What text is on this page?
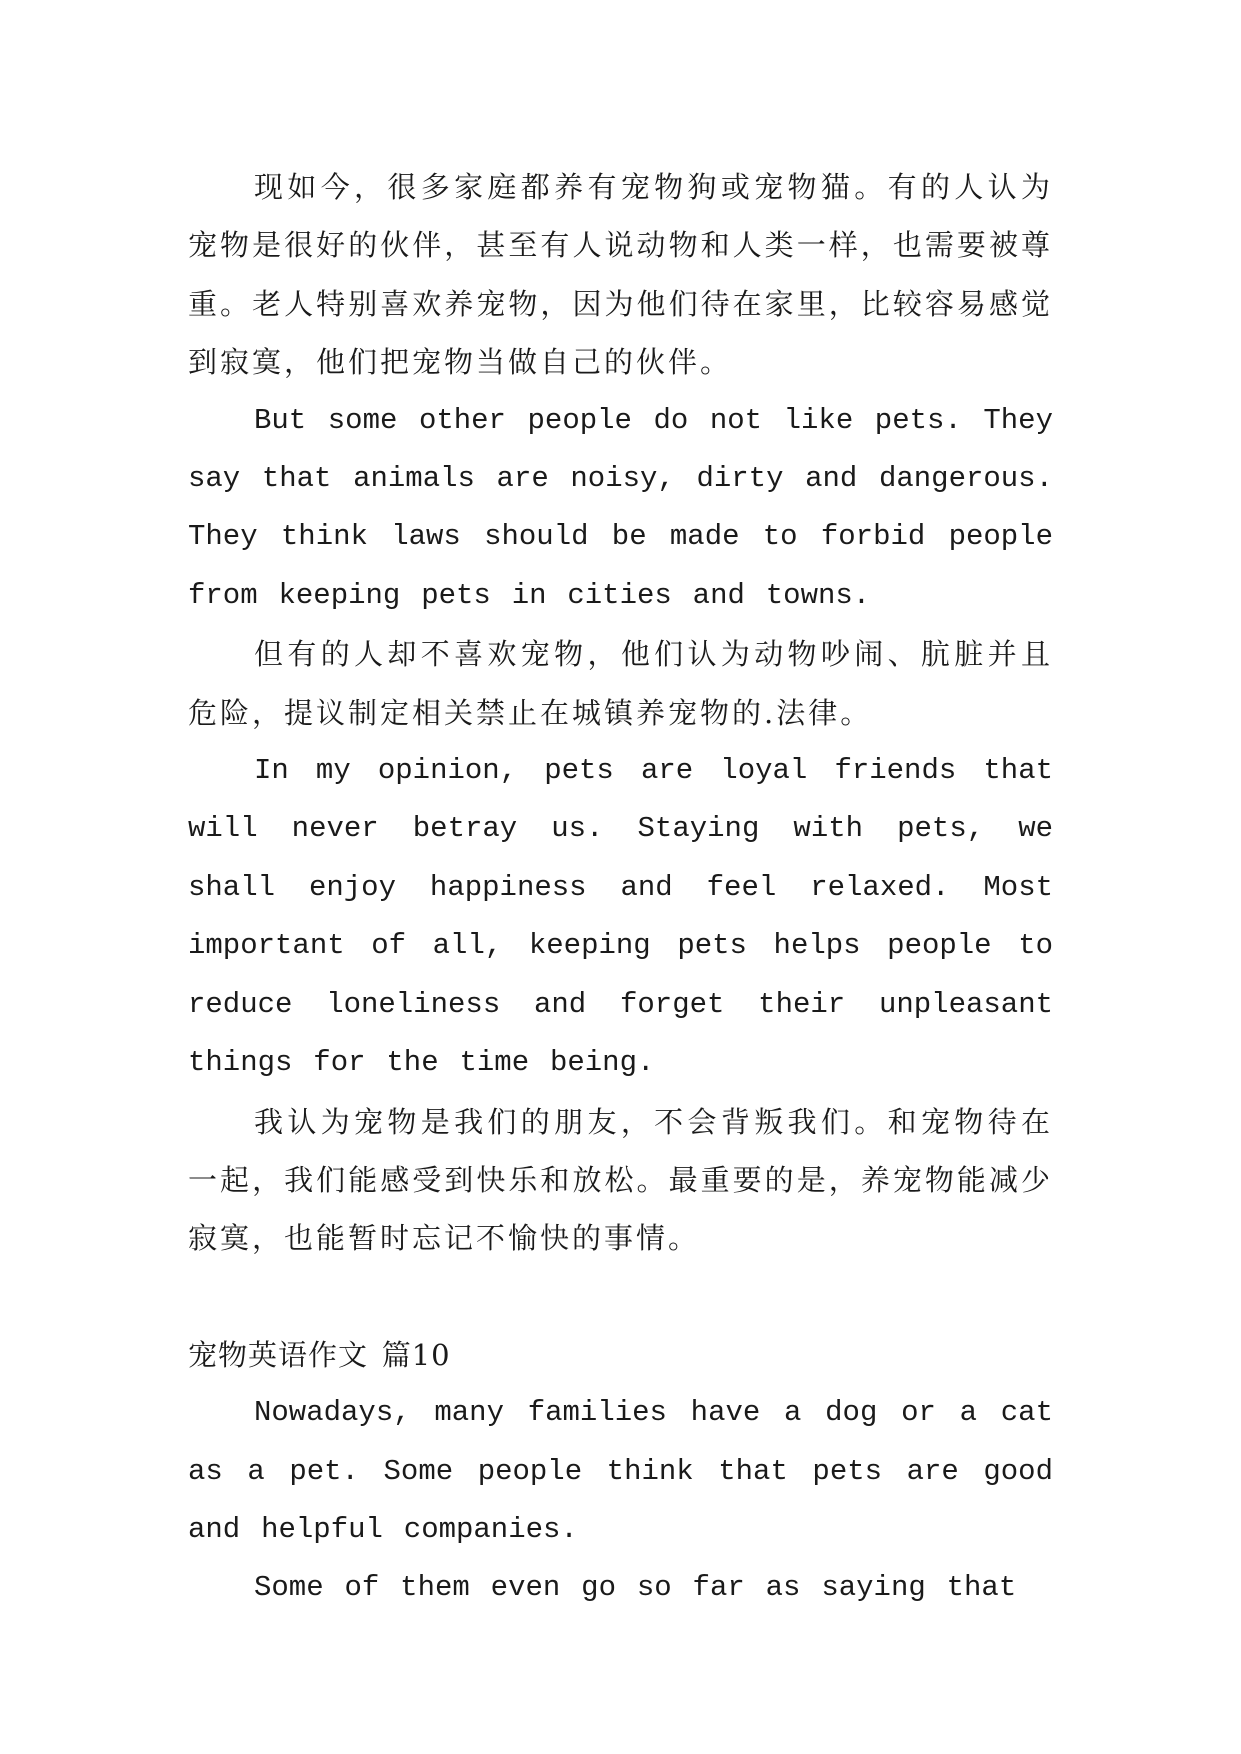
现如今，很多家庭都养有宠物狗或宠物猫。有的人认为宠物是很好的伙伴，甚至有人说动物和人类一样，也需要被尊重。老人特别喜欢养宠物，因为他们待在家里，比较容易感觉到寂寞，他们把宠物当做自己的伙伴。

But some other people do not like pets. They say that animals are noisy, dirty and dangerous. They think laws should be made to forbid people from keeping pets in cities and towns.

但有的人却不喜欢宠物，他们认为动物吵闹、肮脏并且危险，提议制定相关禁止在城镇养宠物的.法律。

In my opinion, pets are loyal friends that will never betray us. Staying with pets, we shall enjoy happiness and feel relaxed. Most important of all, keeping pets helps people to reduce loneliness and forget their unpleasant things for the time being.

我认为宠物是我们的朋友，不会背叛我们。和宠物待在一起，我们能感受到快乐和放松。最重要的是，养宠物能减少寂寞，也能暂时忘记不愉快的事情。

宠物英语作文 篇10

Nowadays, many families have a dog or a cat as a pet. Some people think that pets are good and helpful companies.

Some of them even go so far as saying that
